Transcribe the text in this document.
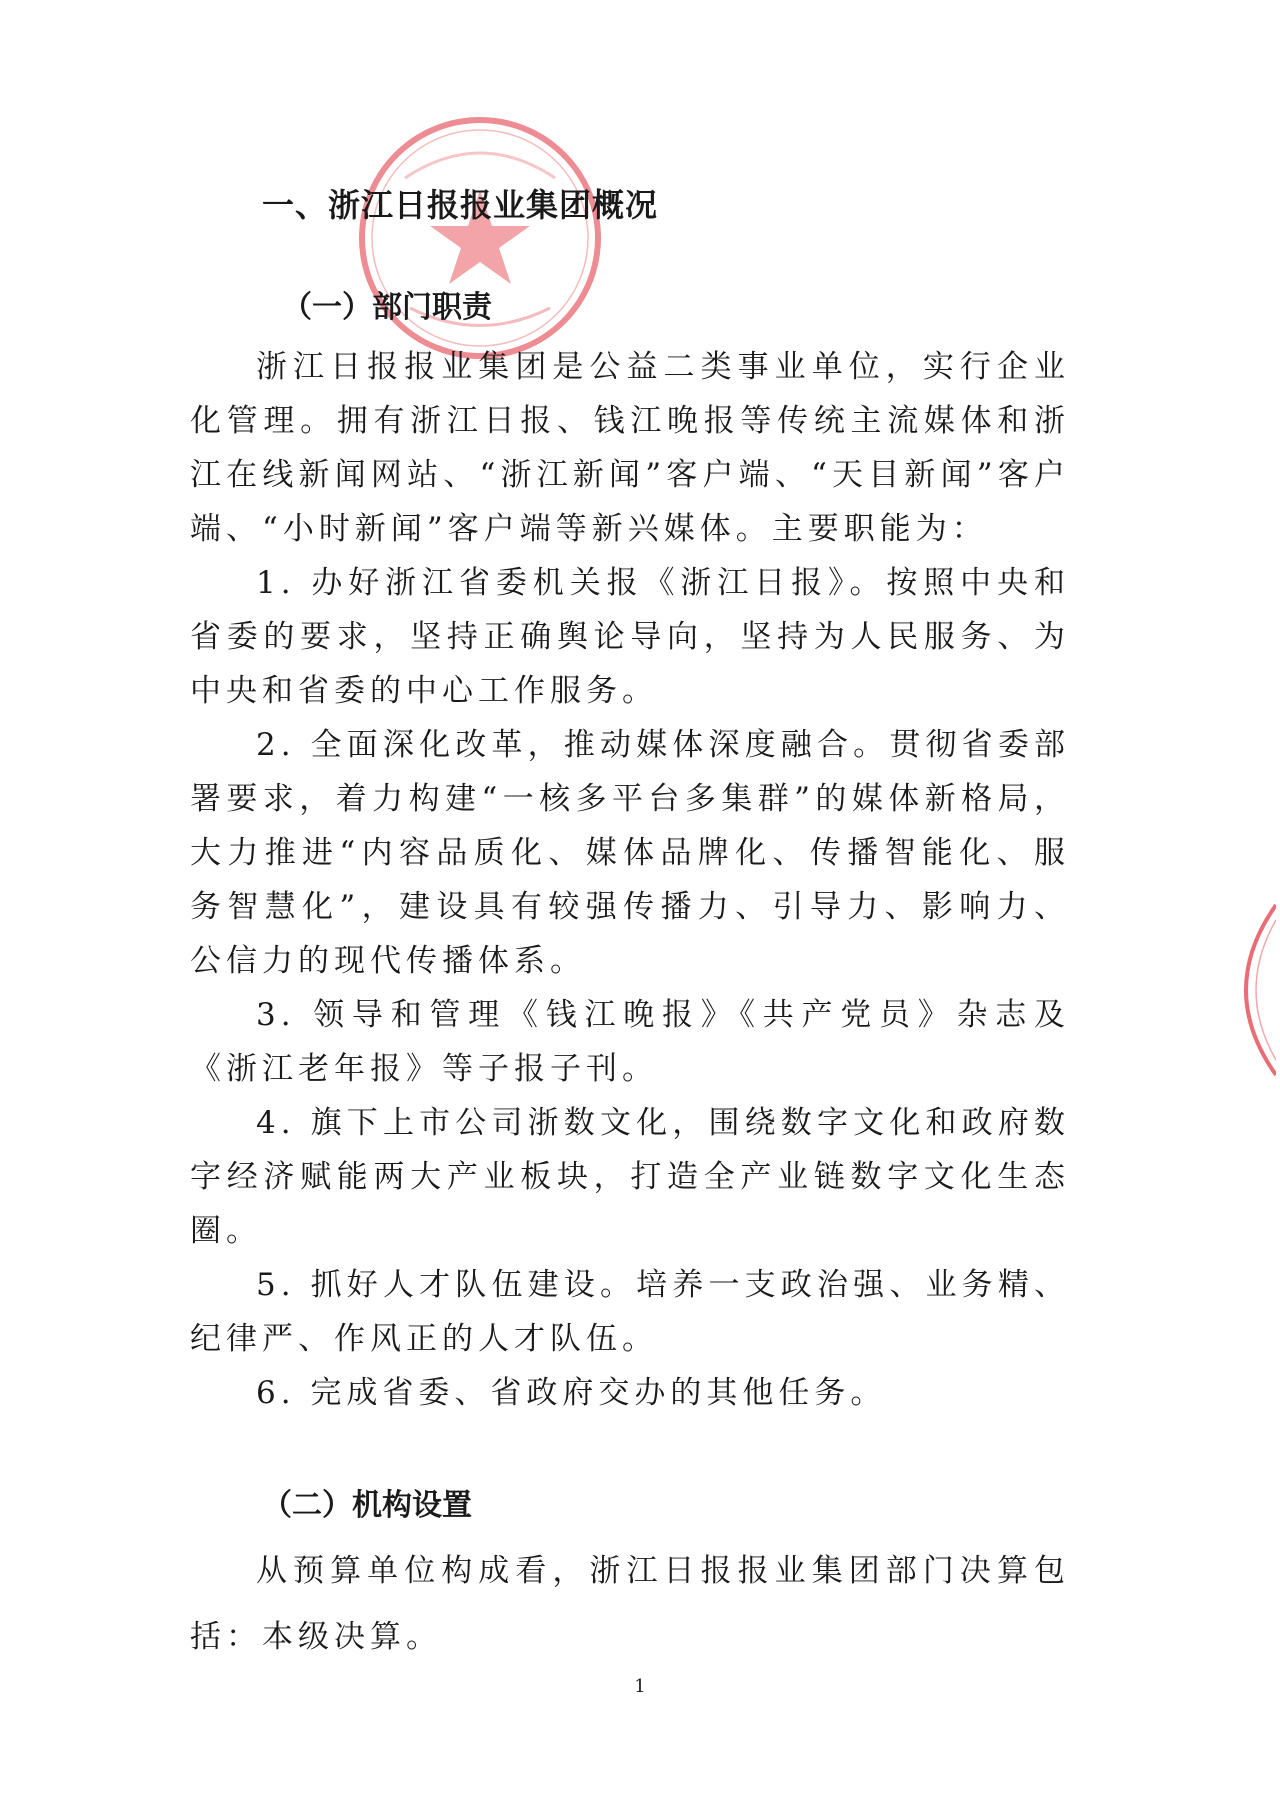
一、浙江日报报业集团概况
（一）部门职责

浙江日报报业集团是公益二类事业单位，实行企业化管理。拥有浙江日报、钱江晚报等传统主流媒体和浙江在线新闻网站、“浙江新闻”客户端、“天目新闻”客户端、“小时新闻”客户端等新兴媒体。主要职能为：

1. 办好浙江省委机关报《浙江日报》。按照中央和省委的要求，坚持正确舆论导向，坚持为人民服务、为中央和省委的中心工作服务。

2. 全面深化改革，推动媒体深度融合。贯彻省委部署要求，着力构建“一核多平台多集群”的媒体新格局，大力推进“内容品质化、媒体品牌化、传播智能化、服务智慧化”，建设具有较强传播力、引导力、影响力、公信力的现代传播体系。

3. 领导和管理《钱江晚报》《共产党员》杂志及《浙江老年报》等子报子刊。

4. 旗下上市公司浙数文化，围绕数字文化和政府数字经济赋能两大产业板块，打造全产业链数字文化生态圈。

5. 抓好人才队伍建设。培养一支政治强、业务精、纪律严、作风正的人才队伍。

6. 完成省委、省政府交办的其他任务。

（二）机构设置

从预算单位构成看，浙江日报报业集团部门决算包括：本级决算。

1
